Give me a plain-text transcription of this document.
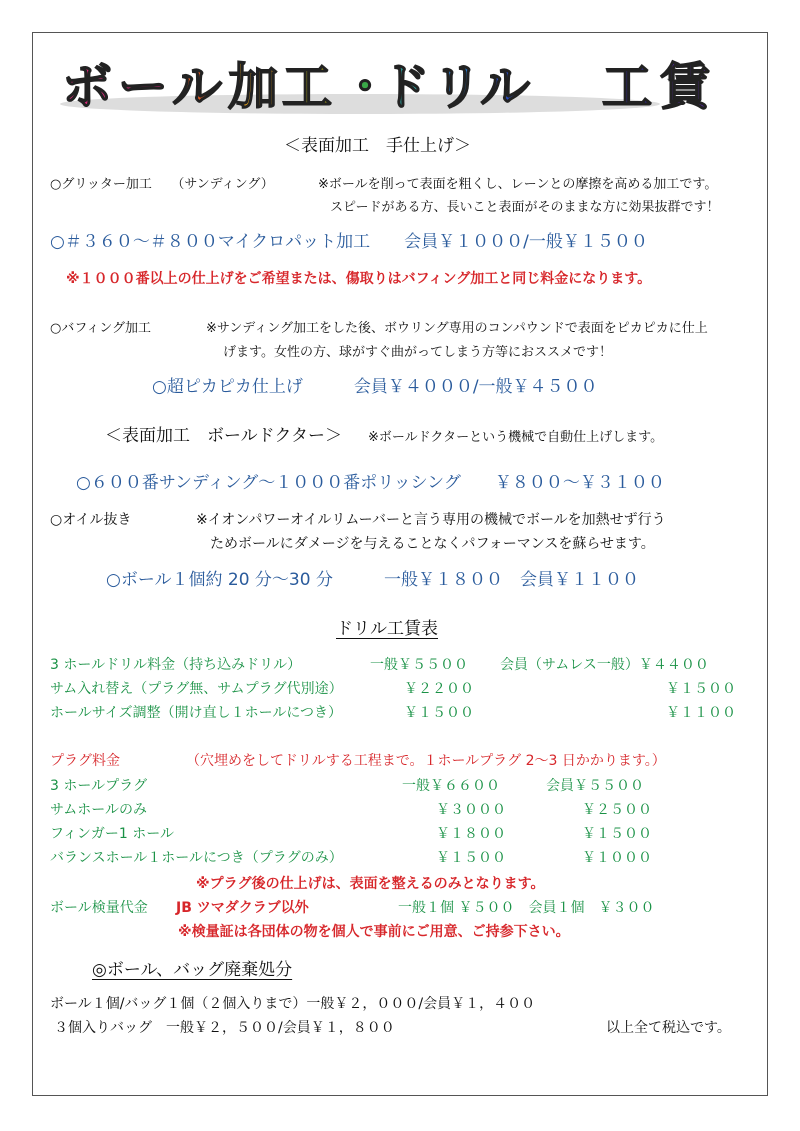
ボ ー ル 加 工 ・
ド リ
ル 工 賃
＜表面加工　手仕上げ＞
○グリッター加工　　（サンディング）	※ボールを削って表面を粗くし、レーンとの摩擦を高める加工です。
スピードがある方、長いこと表面がそのままな方に効果抜群です！
○＃３６０～＃８００マイクロパット加工　　会員￥１０００/一般￥１５００
※１０００番以上の仕上げをご希望または、傷取りはバフィング加工と同じ料金になります。
○バフィング加工	※サンディング加工をした後、ボウリング専用のコンパウンドで表面をピカピカに仕上
げます。女性の方、球がすぐ曲がってしまう方等におススメです！
○超ピカピカ仕上げ　　　会員￥４０００/一般￥４５００
＜表面加工　ボールドクター＞ ※ボールドクターという機械で自動仕上げします。
○６００番サンディング～１０００番ポリッシング　　￥８００～￥３１００
○オイル抜き	※イオンパワーオイルリムーバーと言う専用の機械でボールを加熱せず行う
ためボールにダメージを与えることなくパフォーマンスを蘇らせます。
○ボール１個約 20 分～30 分　　　一般￥１８００　会員￥１１００
ドリル工賃表
3 ホールドリル料金（持ち込みドリル）	一般￥５５００ 会員（サムレス一般）￥４４００
サム入れ替え（プラグ無、サムプラグ代別途）	￥２２００	￥１５００
ホールサイズ調整（開け直し１ホールにつき）	￥１５００	￥１１００
プラグ料金	（穴埋めをしてドリルする工程まで。１ホールプラグ 2～3 日かかります。）
3 ホールプラグ	一般￥６６００	会員￥５５００
サムホールのみ	￥３０００	￥２５００
フィンガー1 ホール	￥１８００	￥１５００
バランスホール１ホールにつき（プラグのみ）	￥１５００	￥１０００
※プラグ後の仕上げは、表面を整えるのみとなります。
ボール検量代金 JB ツマダクラブ以外	一般１個 ￥５００　会員１個　￥３００
※検量証は各団体の物を個人で事前にご用意、ご持参下さい。
◎ボール、バッグ廃棄処分
ボール１個/バッグ１個（２個入りまで）一般￥２，０００/会員￥１，４００
３個入りバッグ　一般￥２，５００/会員￥１，８００	以上全て税込です。
